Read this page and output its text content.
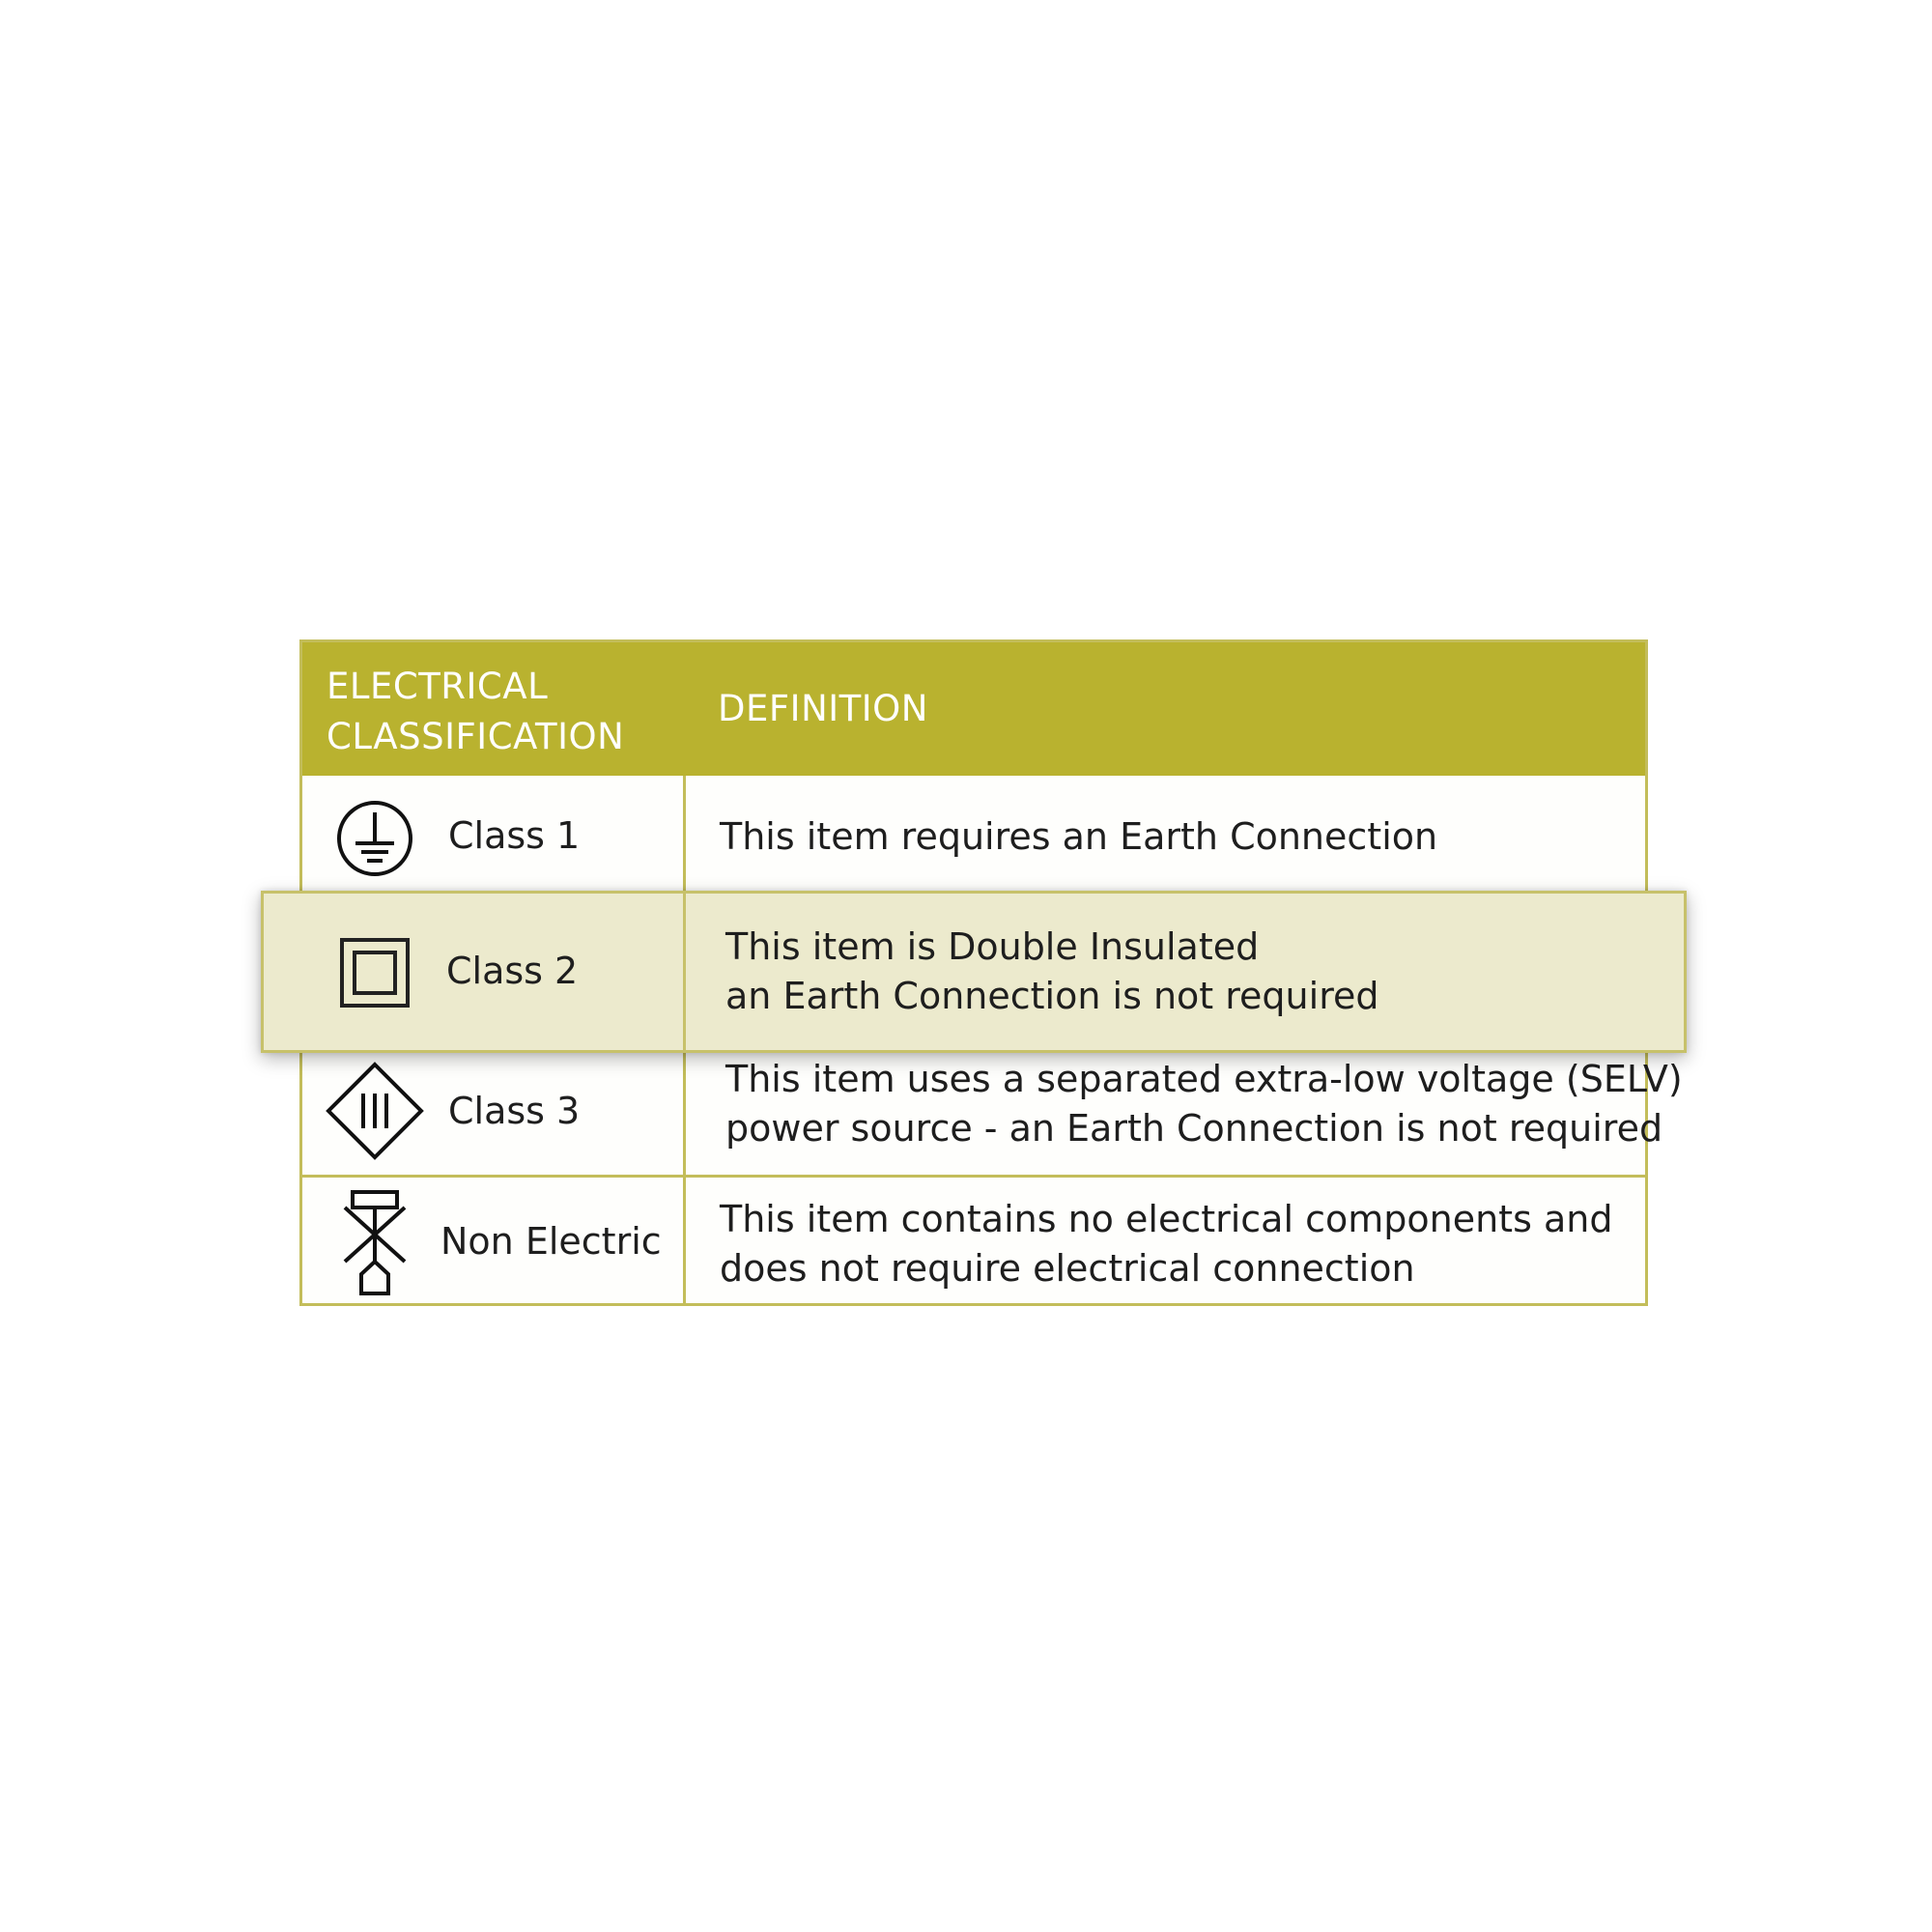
ELECTRICAL
CLASSIFICATION
DEFINITION
Class 1	This item requires an Earth Connection
Class 3
This item uses a separated extra-low voltage (SELV)
power source - an Earth Connection is not required
Non Electric
This item contains no electrical components and
does not require electrical connection
Class 2
This item is Double Insulated
an Earth Connection is not required
